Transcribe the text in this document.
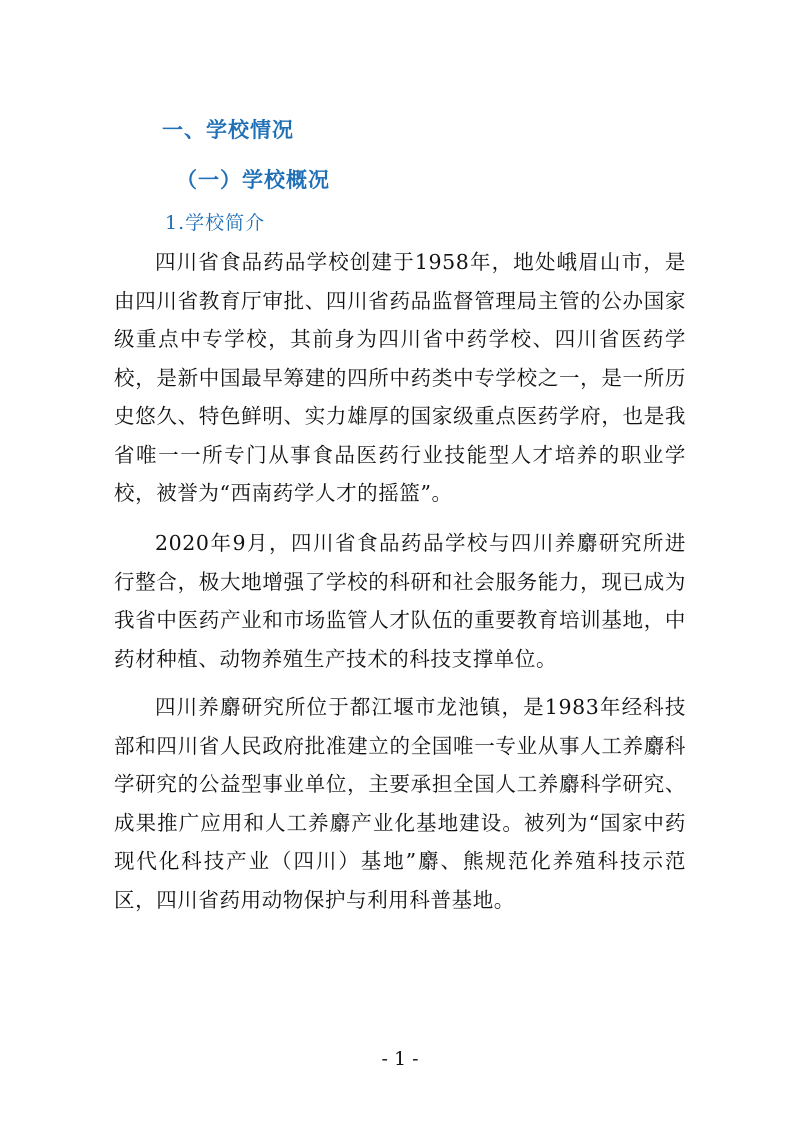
一、学校情况
（一）学校概况
1.学校简介

四川省食品药品学校创建于1958年，地处峨眉山市，是由四川省教育厅审批、四川省药品监督管理局主管的公办国家级重点中专学校，其前身为四川省中药学校、四川省医药学校，是新中国最早筹建的四所中药类中专学校之一，是一所历史悠久、特色鲜明、实力雄厚的国家级重点医药学府，也是我省唯一一所专门从事食品医药行业技能型人才培养的职业学校，被誉为“西南药学人才的摇篮”。

2020年9月，四川省食品药品学校与四川养麝研究所进行整合，极大地增强了学校的科研和社会服务能力，现已成为我省中医药产业和市场监管人才队伍的重要教育培训基地，中药材种植、动物养殖生产技术的科技支撑单位。

四川养麝研究所位于都江堰市龙池镇，是1983年经科技部和四川省人民政府批准建立的全国唯一专业从事人工养麝科学研究的公益型事业单位，主要承担全国人工养麝科学研究、成果推广应用和人工养麝产业化基地建设。被列为“国家中药现代化科技产业（四川）基地”麝、熊规范化养殖科技示范区，四川省药用动物保护与利用科普基地。

- 1 -
